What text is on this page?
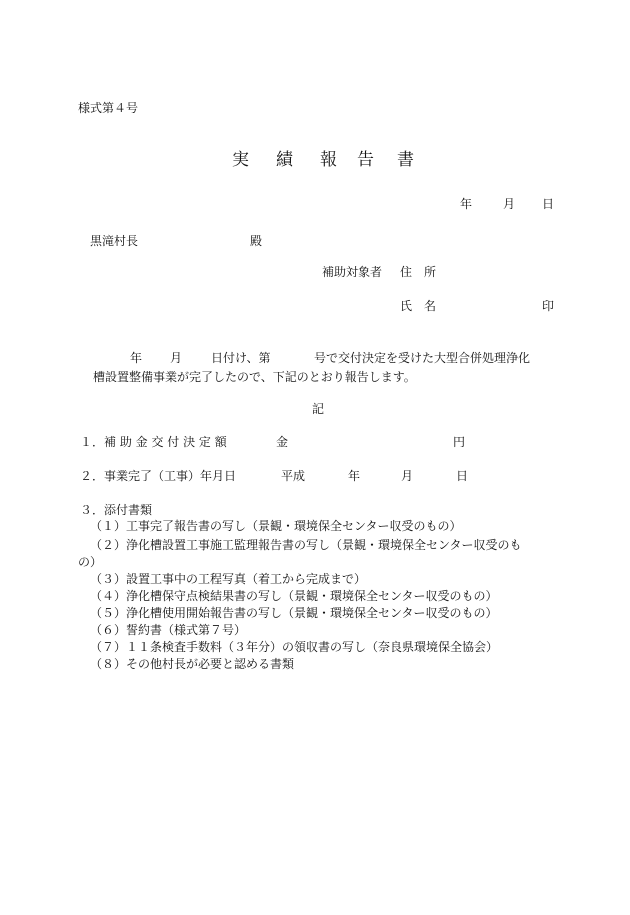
様式第４号
実 績 報 告 書
年	月 日
黒滝村長	殿
補助対象者 住　所
氏　名	印
年 月 日付け、第	号で交付決定を受けた大型合併処理浄化
槽設置整備事業が完了したので、下記のとおり報告します。
記
１．補 助 金 交 付 決 定 額	金	円
２．事業完了（工事）年月日	平成	年	月	日
３．添付書類
（１）工事完了報告書の写し（景観・環境保全センター収受のもの）
（２）浄化槽設置工事施工監理報告書の写し（景観・環境保全センター収受のも
の）
（３）設置工事中の工程写真（着工から完成まで）
（４）浄化槽保守点検結果書の写し（景観・環境保全センター収受のもの）
（５）浄化槽使用開始報告書の写し（景観・環境保全センター収受のもの）
（６）誓約書（様式第７号）
（７）１１条検査手数料（３年分）の領収書の写し（奈良県環境保全協会）
（８）その他村長が必要と認める書類
